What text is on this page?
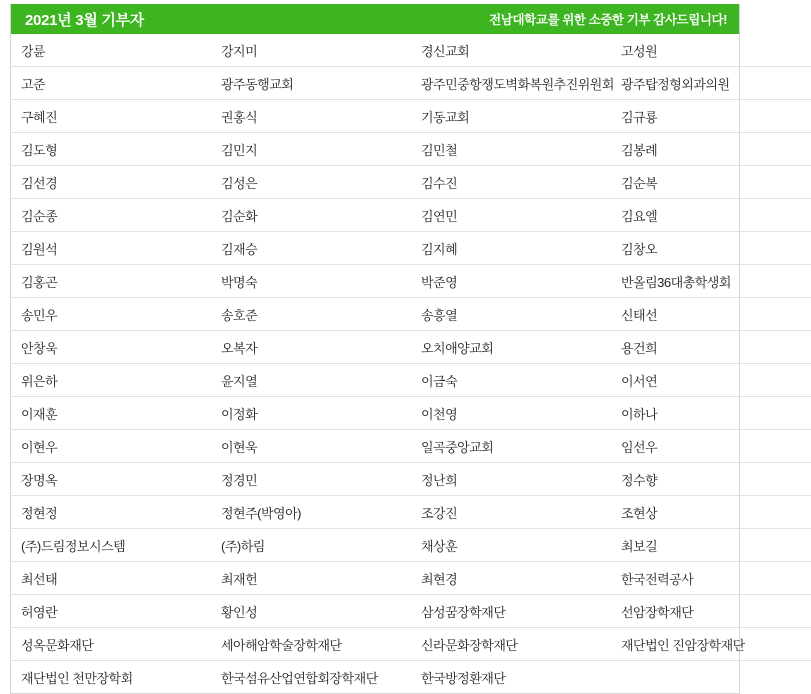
2021년 3월 기부자	전남대학교를 위한 소중한 기부 감사드립니다!
강륜	강지미	경신교회	고성원
고준	광주동행교회	광주민중항쟁도벽화복원추진위원회	광주탑정형외과의원
구혜진	권홍식	기동교회	김규룡
김도형	김민지	김민철	김봉례
김선경	김성은	김수진	김순복
김순종	김순화	김연민	김요엘
김원석	김재승	김지혜	김창오
김홍곤	박명숙	박준영	반올림36대총학생회
송민우	송호준	송흥열	신태선
안창욱	오복자	오치애양교회	용건희
위은하	윤지열	이금숙	이서연
이재훈	이정화	이천영	이하나
이현우	이현욱	일곡중앙교회	임선우
장명옥	정경민	정난희	정수향
정현정	정현주(박영아)	조강진	조현상
(주)드림정보시스템	(주)하림	채상훈	최보길
최선태	최재헌	최현경	한국전력공사
허영란	황인성	삼성꿈장학재단	선암장학재단
성옥문화재단	세아해암학술장학재단	신라문화장학재단	재단법인 진암장학재단
재단법인 천만장학회	한국섬유산업연합회장학재단	한국방정환재단	
